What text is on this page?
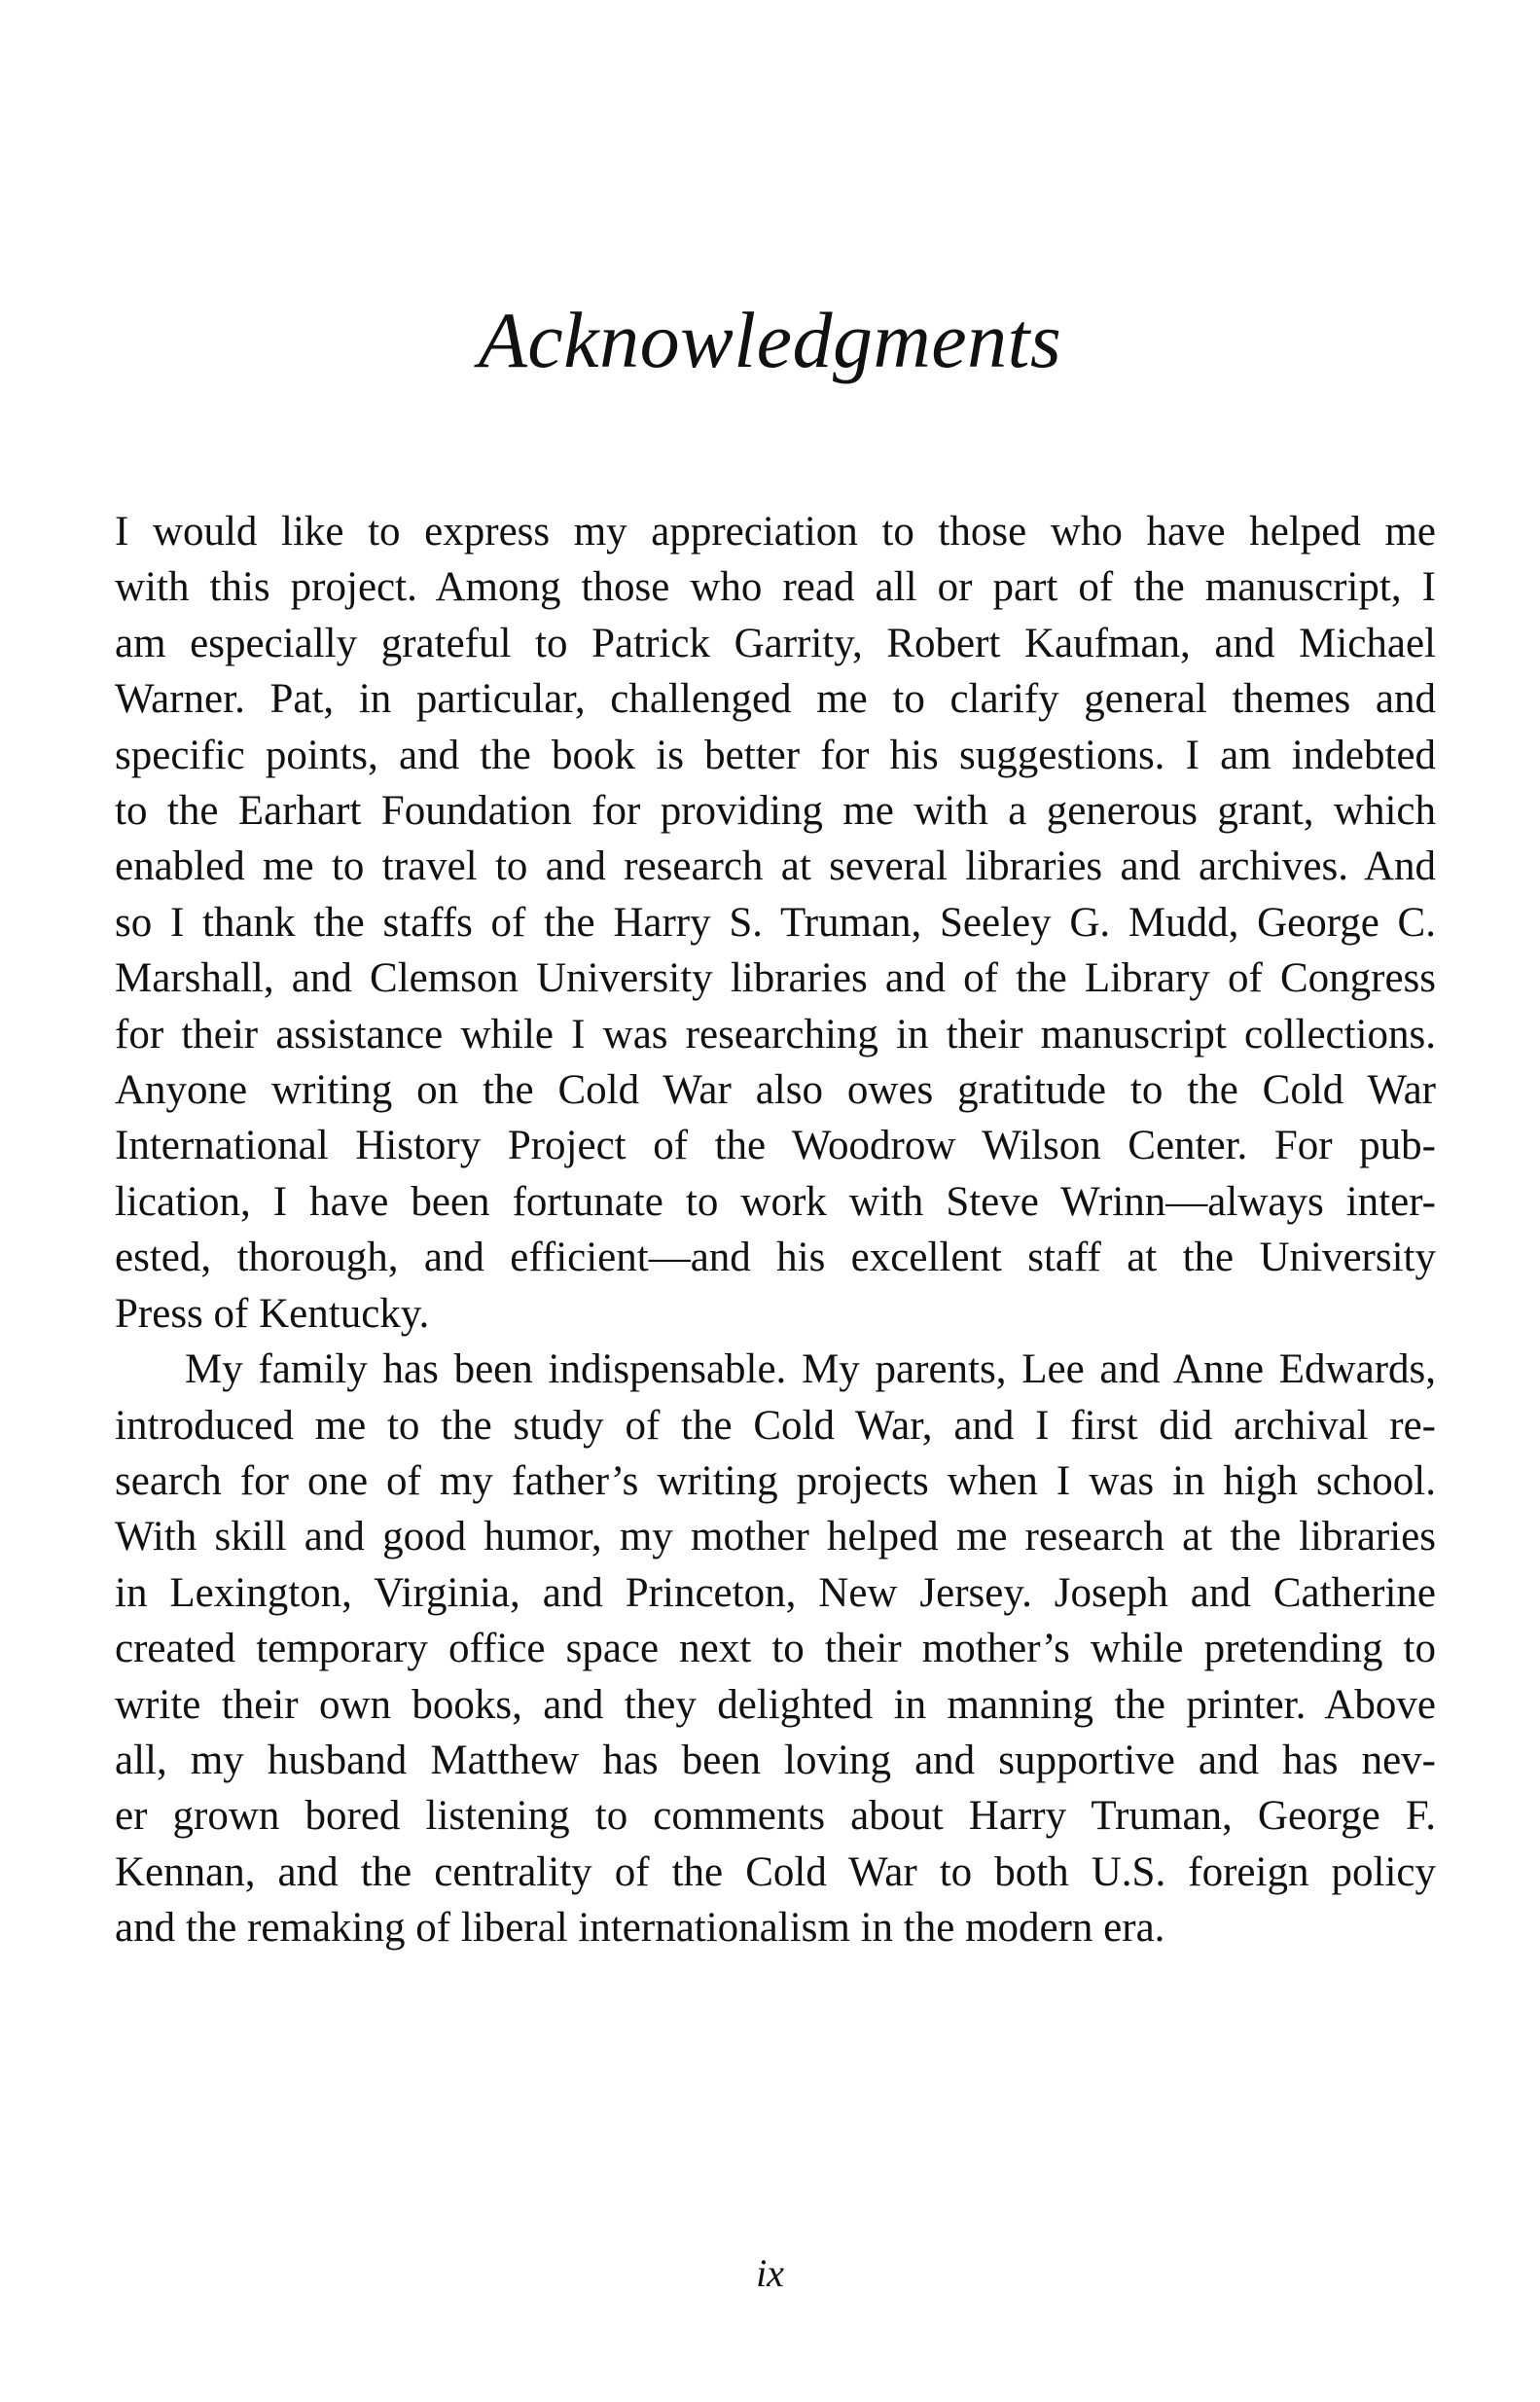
Acknowledgments
I would like to express my appreciation to those who have helped me
with this project. Among those who read all or part of the manuscript, I
am especially grateful to Patrick Garrity, Robert Kaufman, and Michael
Warner. Pat, in particular, challenged me to clarify general themes and
specific points, and the book is better for his suggestions. I am indebted
to the Earhart Foundation for providing me with a generous grant, which
enabled me to travel to and research at several libraries and archives. And
so I thank the staffs of the Harry S. Truman, Seeley G. Mudd, George C.
Marshall, and Clemson University libraries and of the Library of Congress
for their assistance while I was researching in their manuscript collections.
Anyone writing on the Cold War also owes gratitude to the Cold War
International History Project of the Woodrow Wilson Center. For pub-
lication, I have been fortunate to work with Steve Wrinn—always inter-
ested, thorough, and efficient—and his excellent staff at the University
Press of Kentucky.
My family has been indispensable. My parents, Lee and Anne Edwards,
introduced me to the study of the Cold War, and I first did archival re-
search for one of my father’s writing projects when I was in high school.
With skill and good humor, my mother helped me research at the libraries
in Lexington, Virginia, and Princeton, New Jersey. Joseph and Catherine
created temporary office space next to their mother’s while pretending to
write their own books, and they delighted in manning the printer. Above
all, my husband Matthew has been loving and supportive and has nev-
er grown bored listening to comments about Harry Truman, George F.
Kennan, and the centrality of the Cold War to both U.S. foreign policy
and the remaking of liberal internationalism in the modern era.
ix
